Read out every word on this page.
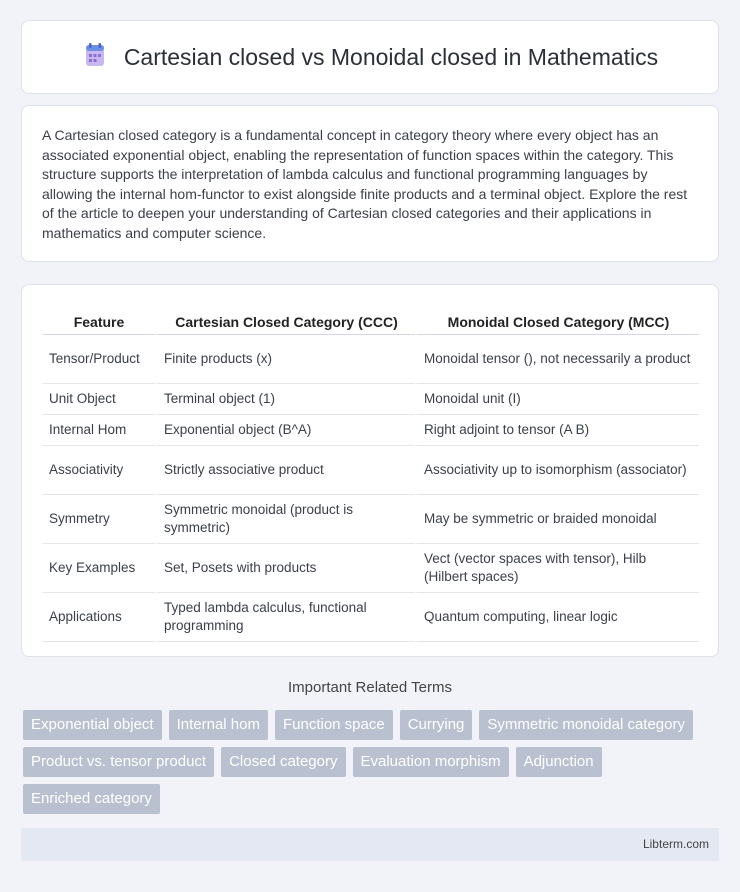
Cartesian closed vs Monoidal closed in Mathematics

A Cartesian closed category is a fundamental concept in category theory where every object has an associated exponential object, enabling the representation of function spaces within the category. This structure supports the interpretation of lambda calculus and functional programming languages by allowing the internal hom-functor to exist alongside finite products and a terminal object. Explore the rest of the article to deepen your understanding of Cartesian closed categories and their applications in mathematics and computer science.

Feature	Cartesian Closed Category (CCC)	Monoidal Closed Category (MCC)
Tensor/Product	Finite products (x)	Monoidal tensor (), not necessarily a product
Unit Object	Terminal object (1)	Monoidal unit (I)
Internal Hom	Exponential object (B^A)	Right adjoint to tensor (A B)
Associativity	Strictly associative product	Associativity up to isomorphism (associator)
Symmetry	Symmetric monoidal (product is symmetric)	May be symmetric or braided monoidal
Key Examples	Set, Posets with products	Vect (vector spaces with tensor), Hilb (Hilbert spaces)
Applications	Typed lambda calculus, functional programming	Quantum computing, linear logic
Important Related Terms
Exponential object	Internal hom	Function space	Currying	Symmetric monoidal category
Product vs. tensor product	Closed category	Evaluation morphism	Adjunction
Enriched category
Libterm.com
